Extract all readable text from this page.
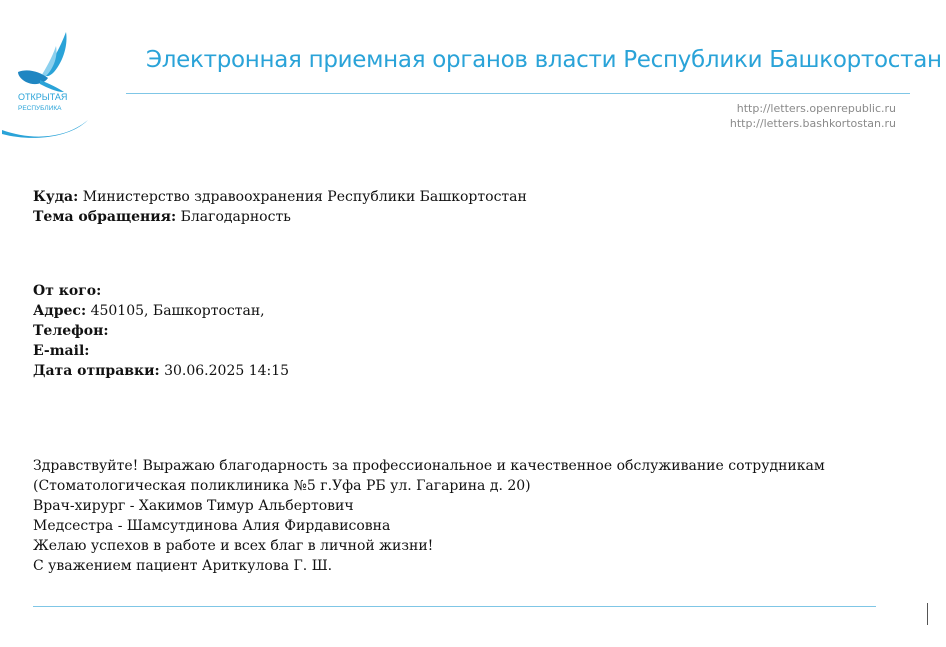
ОТКРЫТАЯ
РЕСПУБЛИКА
Электронная приемная органов власти Республики Башкортостан
http://letters.openrepublic.ru
http://letters.bashkortostan.ru
Куда: Министерство здравоохранения Республики Башкортостан
Тема обращения: Благодарность
От кого:
Адрес: 450105, Башкортостан,
Телефон:
E-mail:
Дата отправки: 30.06.2025 14:15
Здравствуйте! Выражаю благодарность за профессиональное и качественное обслуживание сотрудникам
(Стоматологическая поликлиника №5 г.Уфа РБ ул. Гагарина д. 20)
Врач-хирург - Хакимов Тимур Альбертович
Медсестра - Шамсутдинова Алия Фирдависовна
Желаю успехов в работе и всех благ в личной жизни!
С уважением пациент Ариткулова Г. Ш.
